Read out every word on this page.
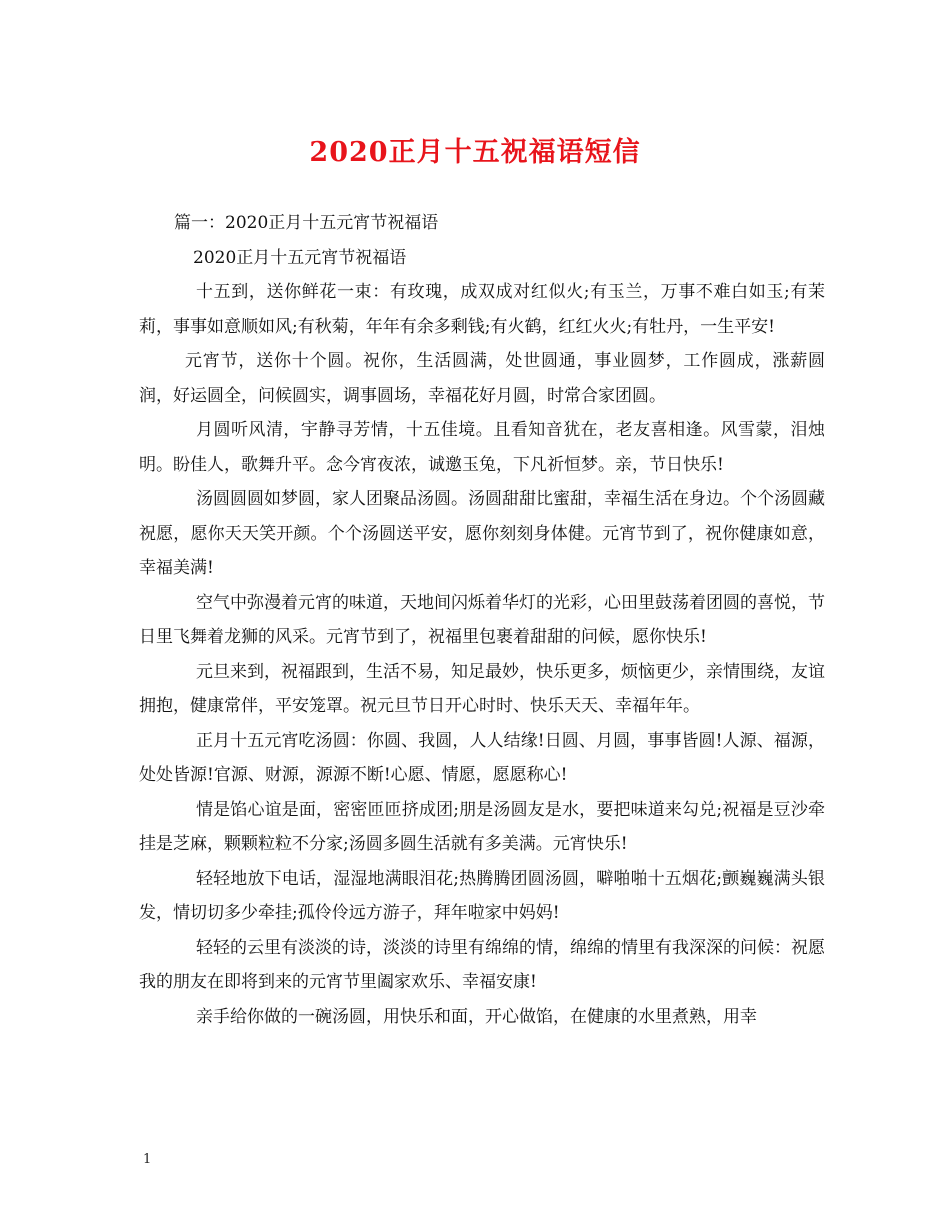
2020正月十五祝福语短信

篇一：2020正月十五元宵节祝福语

2020正月十五元宵节祝福语

十五到，送你鲜花一束：有玫瑰，成双成对红似火;有玉兰，万事不难白如玉;有茉莉，事事如意顺如风;有秋菊，年年有余多剩钱;有火鹤，红红火火;有牡丹，一生平安!

元宵节，送你十个圆。祝你，生活圆满，处世圆通，事业圆梦，工作圆成，涨薪圆润，好运圆全，问候圆实，调事圆场，幸福花好月圆，时常合家团圆。

月圆听风清，宇静寻芳情，十五佳境。且看知音犹在，老友喜相逢。风雪蒙，泪烛明。盼佳人，歌舞升平。念今宵夜浓，诚邀玉兔，下凡祈恒梦。亲，节日快乐!

汤圆圆圆如梦圆，家人团聚品汤圆。汤圆甜甜比蜜甜，幸福生活在身边。个个汤圆藏祝愿，愿你天天笑开颜。个个汤圆送平安，愿你刻刻身体健。元宵节到了，祝你健康如意，幸福美满!

空气中弥漫着元宵的味道，天地间闪烁着华灯的光彩，心田里鼓荡着团圆的喜悦，节日里飞舞着龙狮的风采。元宵节到了，祝福里包裹着甜甜的问候，愿你快乐!

元旦来到，祝福跟到，生活不易，知足最妙，快乐更多，烦恼更少，亲情围绕，友谊拥抱，健康常伴，平安笼罩。祝元旦节日开心时时、快乐天天、幸福年年。

正月十五元宵吃汤圆：你圆、我圆，人人结缘!日圆、月圆，事事皆圆!人源、福源，处处皆源!官源、财源，源源不断!心愿、情愿，愿愿称心!

情是馅心谊是面，密密匝匝挤成团;朋是汤圆友是水，要把味道来勾兑;祝福是豆沙牵挂是芝麻，颗颗粒粒不分家;汤圆多圆生活就有多美满。元宵快乐!

轻轻地放下电话，湿湿地满眼泪花;热腾腾团圆汤圆，噼啪啪十五烟花;颤巍巍满头银发，情切切多少牵挂;孤伶伶远方游子，拜年啦家中妈妈!

轻轻的云里有淡淡的诗，淡淡的诗里有绵绵的情，绵绵的情里有我深深的问候：祝愿我的朋友在即将到来的元宵节里阖家欢乐、幸福安康!

亲手给你做的一碗汤圆，用快乐和面，开心做馅，在健康的水里煮熟，用幸

1
